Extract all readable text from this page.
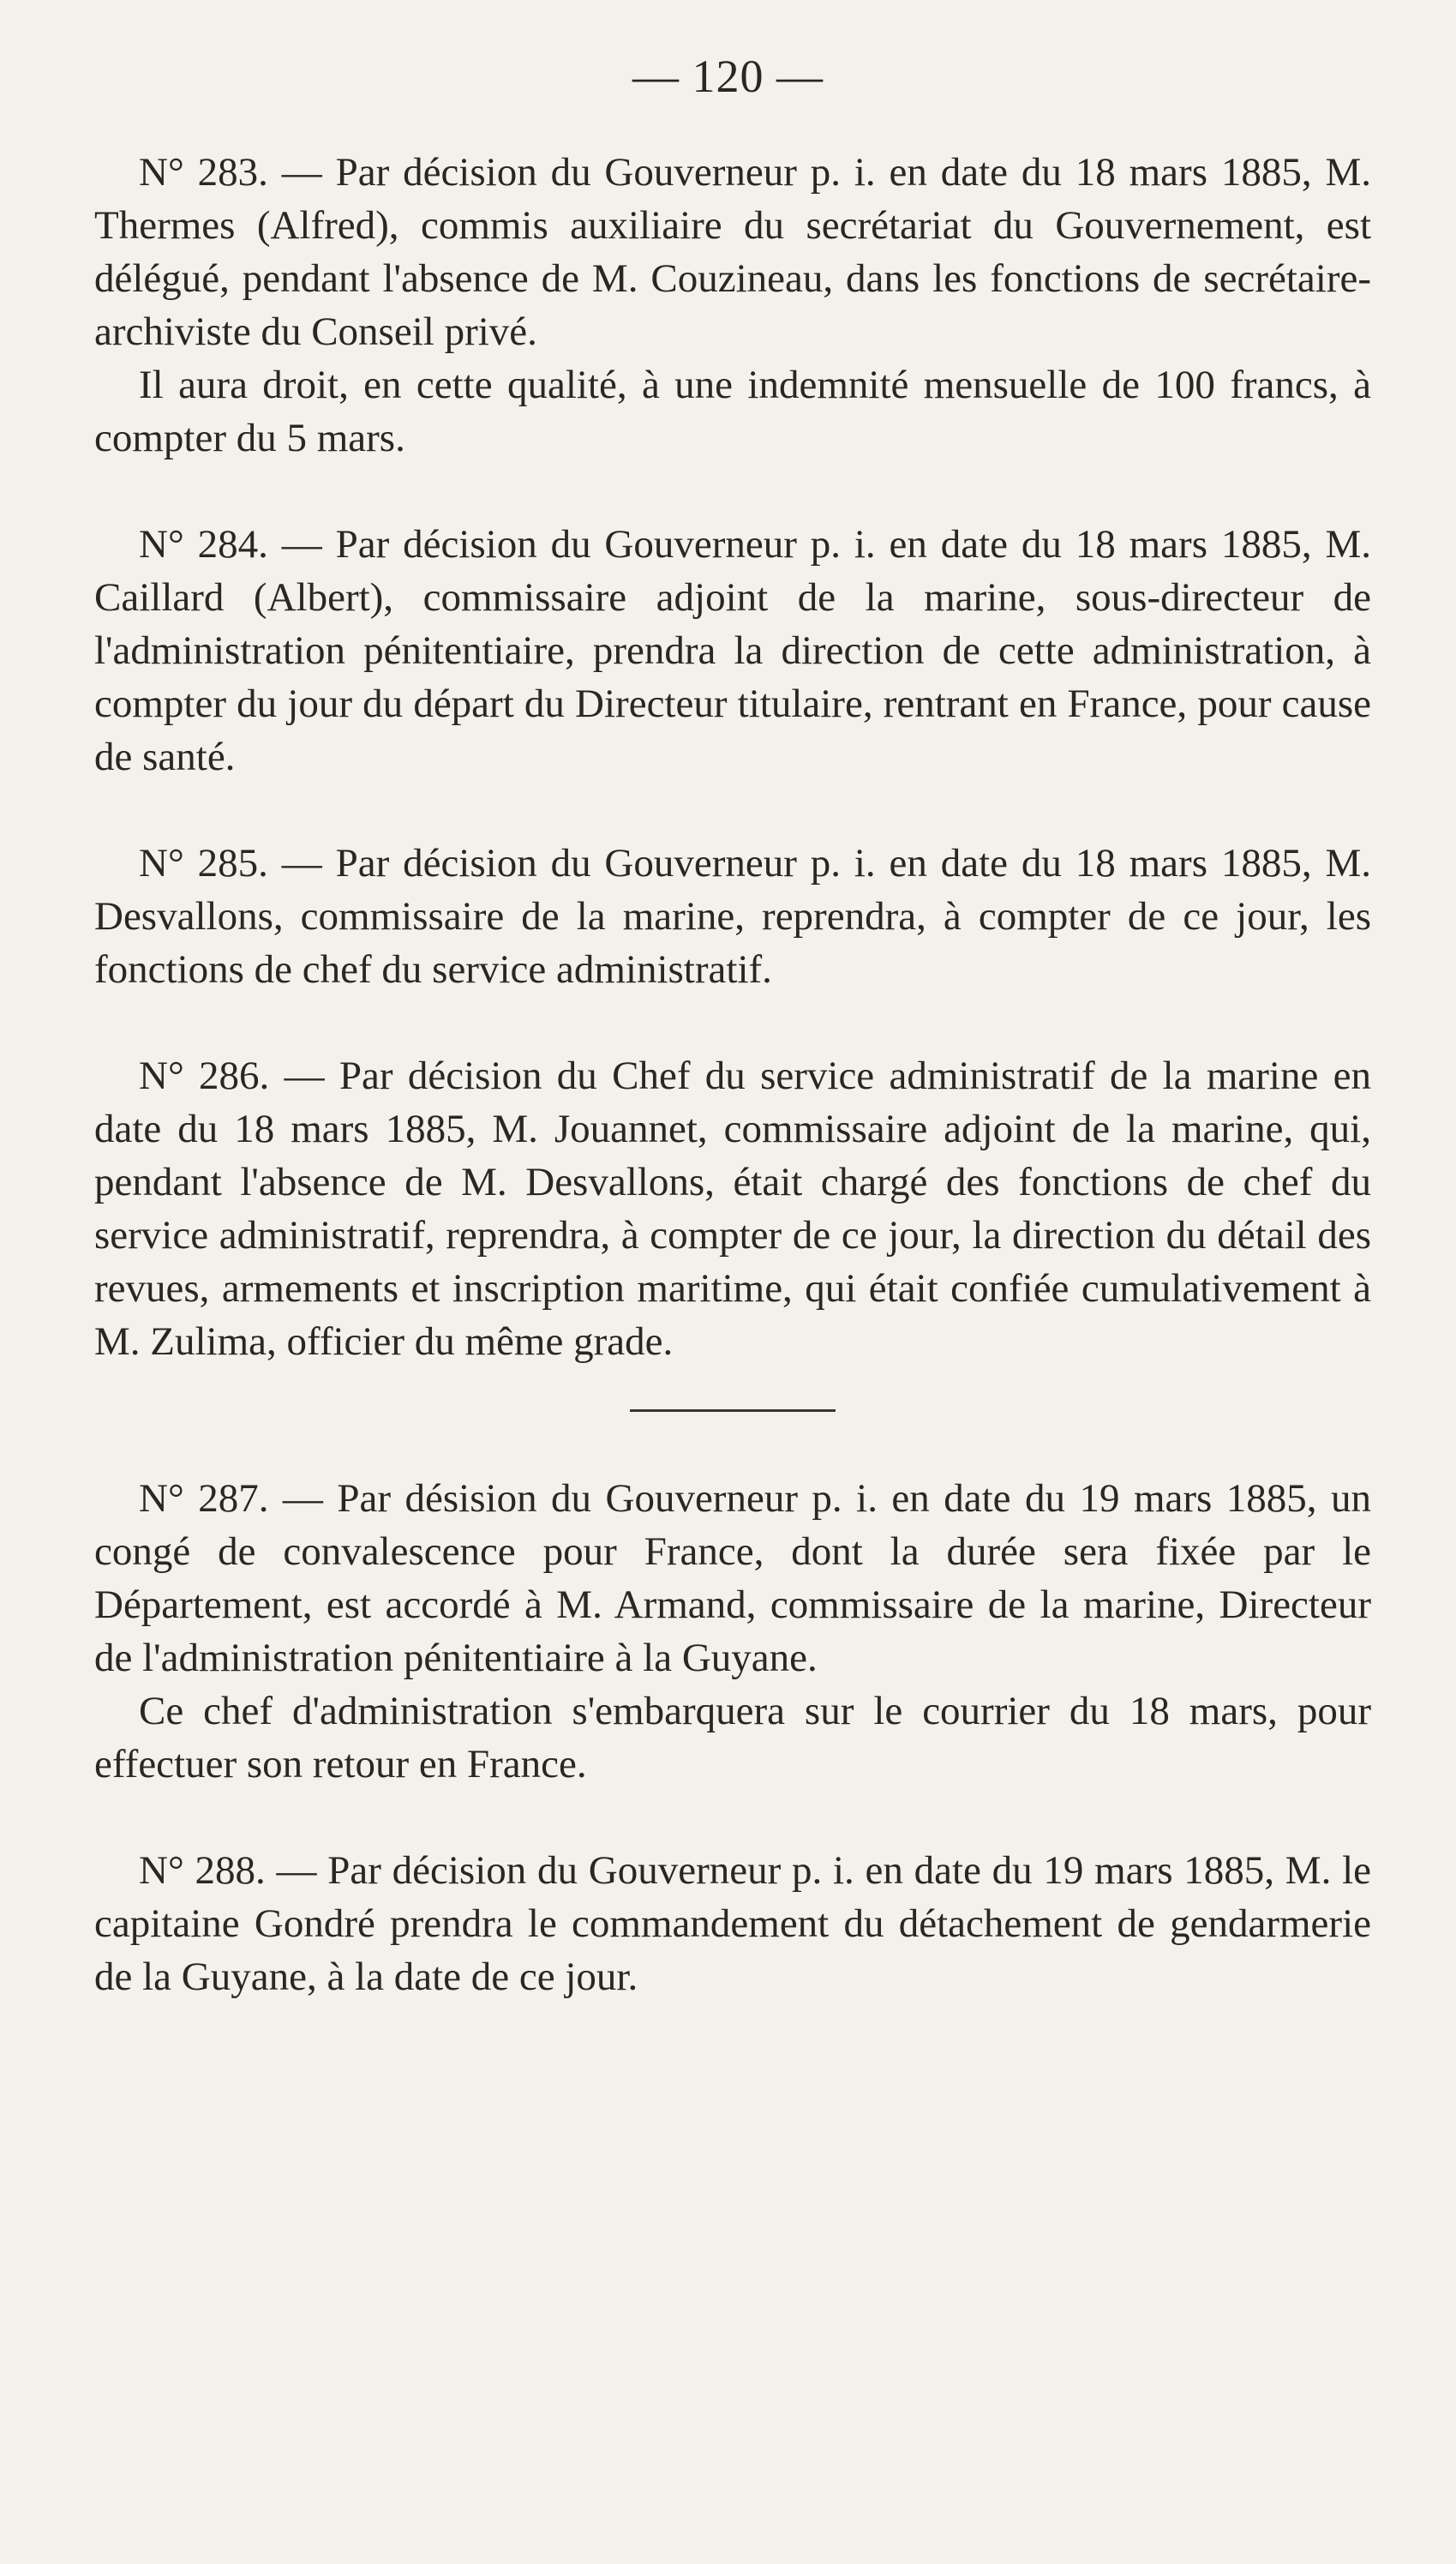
— 120 —

N° 283. — Par décision du Gouverneur p. i. en date du 18 mars 1885, M. Thermes (Alfred), commis auxiliaire du secrétariat du Gouvernement, est délégué, pendant l'absence de M. Couzineau, dans les fonctions de secrétaire-archiviste du Conseil privé.

Il aura droit, en cette qualité, à une indemnité mensuelle de 100 francs, à compter du 5 mars.

N° 284. — Par décision du Gouverneur p. i. en date du 18 mars 1885, M. Caillard (Albert), commissaire adjoint de la marine, sous-directeur de l'administration pénitentiaire, prendra la direction de cette administration, à compter du jour du départ du Directeur titulaire, rentrant en France, pour cause de santé.

N° 285. — Par décision du Gouverneur p. i. en date du 18 mars 1885, M. Desvallons, commissaire de la marine, reprendra, à compter de ce jour, les fonctions de chef du service administratif.

N° 286. — Par décision du Chef du service administratif de la marine en date du 18 mars 1885, M. Jouannet, commissaire adjoint de la marine, qui, pendant l'absence de M. Desvallons, était chargé des fonctions de chef du service administratif, reprendra, à compter de ce jour, la direction du détail des revues, armements et inscription maritime, qui était confiée cumulativement à M. Zulima, officier du même grade.

N° 287. — Par désision du Gouverneur p. i. en date du 19 mars 1885, un congé de convalescence pour France, dont la durée sera fixée par le Département, est accordé à M. Armand, commissaire de la marine, Directeur de l'administration pénitentiaire à la Guyane.

Ce chef d'administration s'embarquera sur le courrier du 18 mars, pour effectuer son retour en France.

N° 288. — Par décision du Gouverneur p. i. en date du 19 mars 1885, M. le capitaine Gondré prendra le commandement du détachement de gendarmerie de la Guyane, à la date de ce jour.
